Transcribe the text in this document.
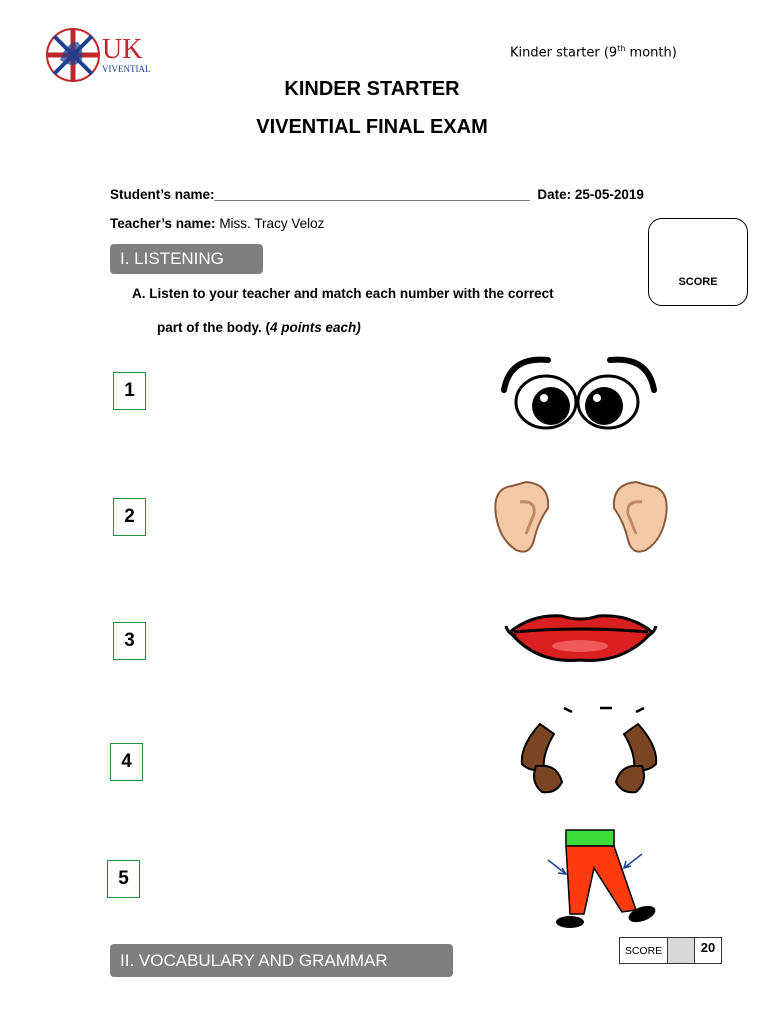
UK
VIVENTIAL
Kinder starter (9th month)
KINDER STARTER
VIVENTIAL FINAL EXAM
Student’s name:__________________________________________ Date: 25-05-2019
Teacher’s name: Miss. Tracy Veloz
SCORE
I. LISTENING
A. Listen to your teacher and match each number with the correct
part of the body. (4 points each)
1
2
3
4
5
SCORE	20
II. VOCABULARY AND GRAMMAR
